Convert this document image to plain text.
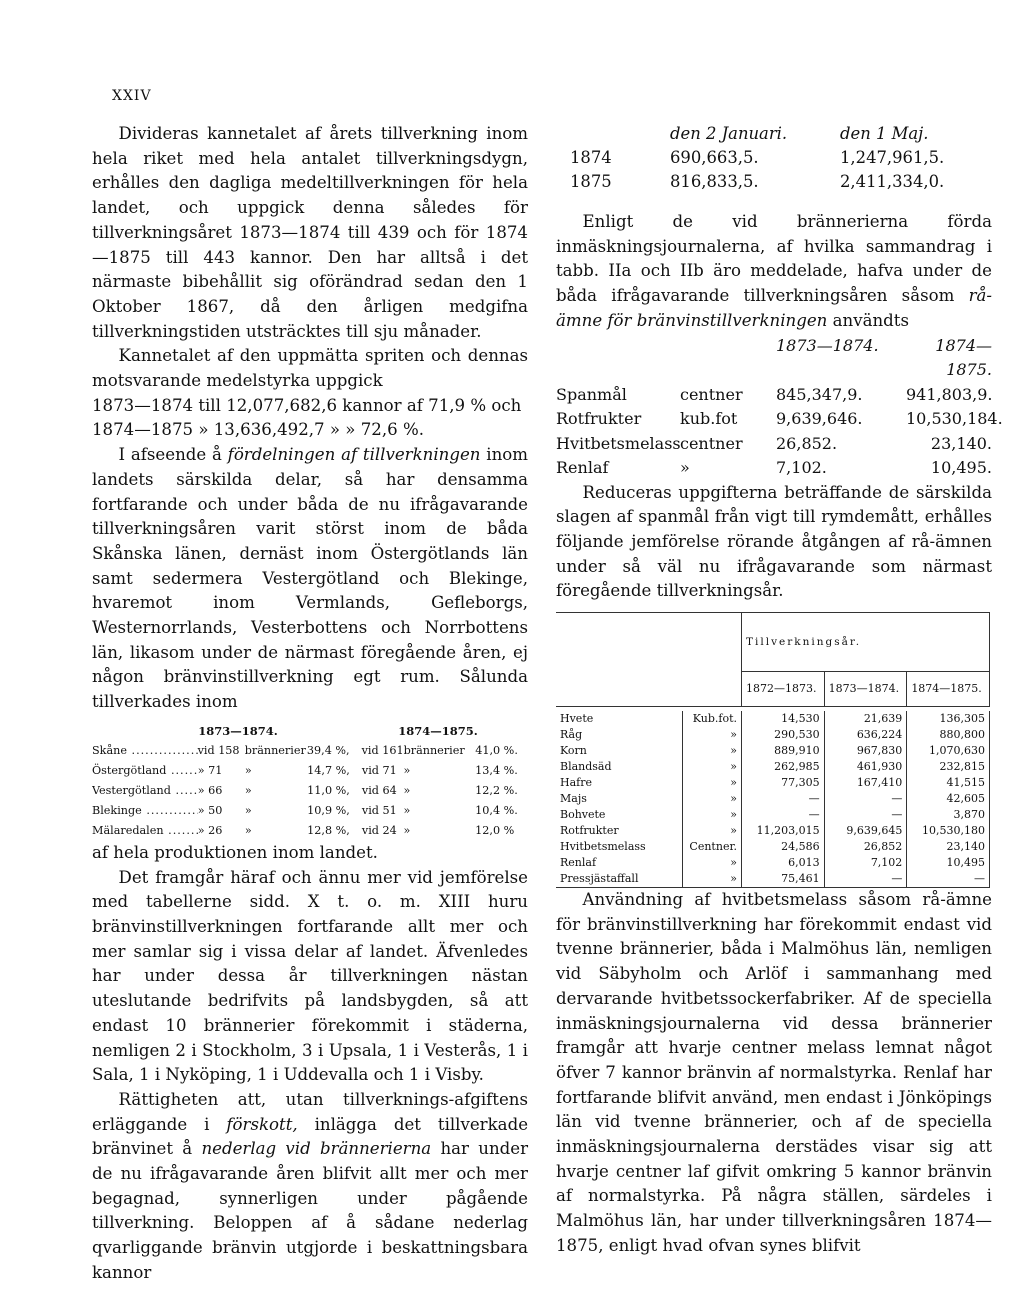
XXIV

Divideras kannetalet af årets tillverkning inom hela riket med hela antalet tillverkningsdygn, erhålles den dagliga medeltillverkningen för hela landet, och uppgick denna således för tillverkningsåret 1873—1874 till 439 och för 1874—1875 till 443 kannor. Den har alltså i det närmaste bibehållit sig oförändrad sedan den 1 Oktober 1867, då den årligen medgifna tillverkningstiden utsträcktes till sju månader.

Kannetalet af den uppmätta spriten och dennas motsvarande medelstyrka uppgick

1873—1874 till 12,077,682,6 kannor af 71,9 % och

1874—1875 » 13,636,492,7 » » 72,6 %.

I afseende å fördelningen af tillverkningen inom landets särskilda delar, så har densamma fortfarande och under båda de nu ifrågavarande tillverkningsåren varit störst inom de båda Skånska länen, dernäst inom Östergötlands län samt sedermera Vestergötland och Blekinge, hvaremot inom Vermlands, Gefleborgs, Westernorrlands, Vesterbottens och Norrbottens län, likasom under de närmast föregående åren, ej någon bränvinstillverkning egt rum. Sålunda tillverkades inom

1873—1874.	1874—1875.
Skåne .....	vid 158 brännerier 39,4 %,	vid 161 brännerier 41,0 %.
Östergötland .....	» 71	»	14,7 %,	vid 71 »	13,4 %.
Vestergötland .....	» 66	»	11,0 %,	vid 64 »	12,2 %.
Blekinge .....	» 50	»	10,9 %,	vid 51 »	10,4 %.
Mälaredalen .....	» 26	»	12,8 %,	vid 24 »	12,0 %

af hela produktionen inom landet.

Det framgår häraf och ännu mer vid jemförelse med tabellerne sidd. X t. o. m. XIII huru bränvinstillverkningen fortfarande allt mer och mer samlar sig i vissa delar af landet. Äfvenledes har under dessa år tillverkningen nästan uteslutande bedrifvits på landsbygden, så att endast 10 brännerier förekommit i städerna, nemligen 2 i Stockholm, 3 i Upsala, 1 i Vesterås, 1 i Sala, 1 i Nyköping, 1 i Uddevalla och 1 i Visby.

Rättigheten att, utan tillverknings-afgiftens erläggande i förskott, inlägga det tillverkade bränvinet å nederlag vid brännerierna har under de nu ifrågavarande åren blifvit allt mer och mer begagnad, synnerligen under pågående tillverkning. Beloppen af å sådane nederlag qvarliggande bränvin utgjorde i beskattningsbara kannor

den 2 Januari.	den 1 Maj.
1874	690,663,5.	1,247,961,5.
1875	816,833,5.	2,411,334,0.

Enligt de vid brännerierna förda inmäskningsjournalerna, af hvilka sammandrag i tabb. IIa och IIb äro meddelade, hafva under de båda ifrågavarande tillverkningsåren såsom rå-ämne för bränvinstillverkningen användts

1873—1874.	1874—1875.
Spanmål	centner	845,347,9.	941,803,9.
Rotfrukter	kub.fot	9,639,646.	10,530,184.
Hvitbetsmelass centner	26,852.	23,140.
Renlaf	»	7,102.	10,495.

Reduceras uppgifterna beträffande de särskilda slagen af spanmål från vigt till rymdemått, erhålles följande jemförelse rörande åtgången af rå-ämnen under så väl nu ifrågavarande som närmast föregående tillverkningsår.

		Tillverkningsår.		
		1872—1873.	1873—1874.	1874—1875.

Hvete	Kub.fot.	14,530	21,639	136,305
Råg	»	290,530	636,224	880,800
Korn	»	889,910	967,830	1,070,630
Blandsäd	»	262,985	461,930	232,815
Hafre	»	77,305	167,410	41,515
Majs	»	—	—	42,605
Bohvete	»	—	—	3,870
Rotfrukter	»	11,203,015	9,639,645	10,530,180
Hvitbetsmelass	Centner.	24,586	26,852	23,140
Renlaf	»	6,013	7,102	10,495
Pressjästaffall	»	75,461	—	—

Användning af hvitbetsmelass såsom rå-ämne för bränvinstillverkning har förekommit endast vid tvenne brännerier, båda i Malmöhus län, nemligen vid Säbyholm och Arlöf i sammanhang med dervarande hvitbetssockerfabriker. Af de speciella inmäskningsjournalerna vid dessa brännerier framgår att hvarje centner melass lemnat något öfver 7 kannor bränvin af normalstyrka. Renlaf har fortfarande blifvit använd, men endast i Jönköpings län vid tvenne brännerier, och af de speciella inmäskningsjournalerna derstädes visar sig att hvarje centner laf gifvit omkring 5 kannor bränvin af normalstyrka. På några ställen, särdeles i Malmöhus län, har under tillverkningsåren 1874—1875, enligt hvad ofvan synes blifvit
